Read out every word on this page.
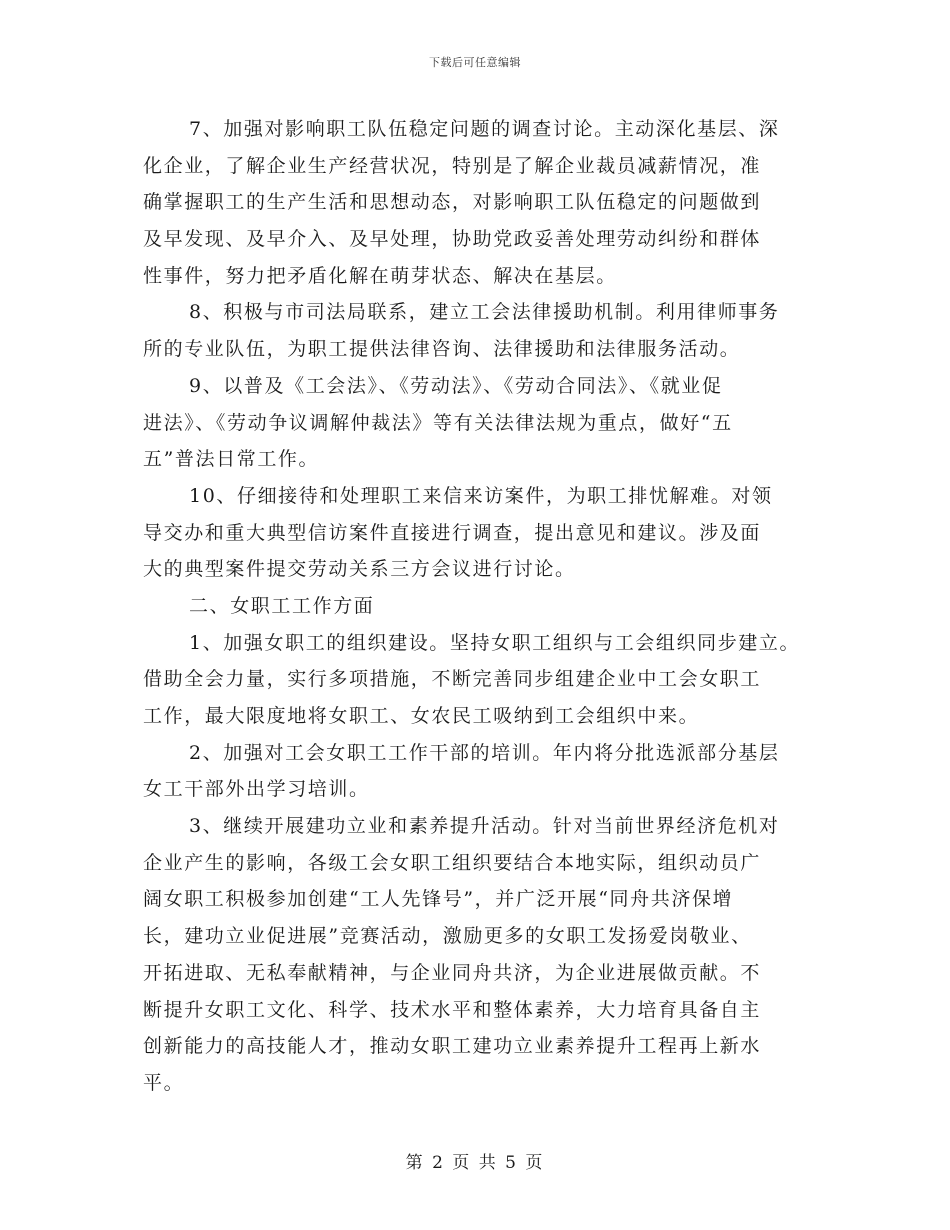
下载后可任意编辑
7、加强对影响职工队伍稳定问题的调查讨论。主动深化基层、深
化企业，了解企业生产经营状况，特别是了解企业裁员减薪情况，准
确掌握职工的生产生活和思想动态，对影响职工队伍稳定的问题做到
及早发现、及早介入、及早处理，协助党政妥善处理劳动纠纷和群体
性事件，努力把矛盾化解在萌芽状态、解决在基层。
8、积极与市司法局联系，建立工会法律援助机制。利用律师事务
所的专业队伍，为职工提供法律咨询、法律援助和法律服务活动。
9、以普及《工会法》、《劳动法》、《劳动合同法》、《就业促
进法》、《劳动争议调解仲裁法》等有关法律法规为重点，做好“五
五”普法日常工作。
10、仔细接待和处理职工来信来访案件，为职工排忧解难。对领
导交办和重大典型信访案件直接进行调查，提出意见和建议。涉及面
大的典型案件提交劳动关系三方会议进行讨论。
二、女职工工作方面
1、加强女职工的组织建设。坚持女职工组织与工会组织同步建立。
借助全会力量，实行多项措施，不断完善同步组建企业中工会女职工
工作，最大限度地将女职工、女农民工吸纳到工会组织中来。
2、加强对工会女职工工作干部的培训。年内将分批选派部分基层
女工干部外出学习培训。
3、继续开展建功立业和素养提升活动。针对当前世界经济危机对
企业产生的影响，各级工会女职工组织要结合本地实际，组织动员广
阔女职工积极参加创建“工人先锋号”，并广泛开展“同舟共济保增
长，建功立业促进展”竞赛活动，激励更多的女职工发扬爱岗敬业、
开拓进取、无私奉献精神，与企业同舟共济，为企业进展做贡献。不
断提升女职工文化、科学、技术水平和整体素养，大力培育具备自主
创新能力的高技能人才，推动女职工建功立业素养提升工程再上新水
平。
第 2 页 共 5 页
